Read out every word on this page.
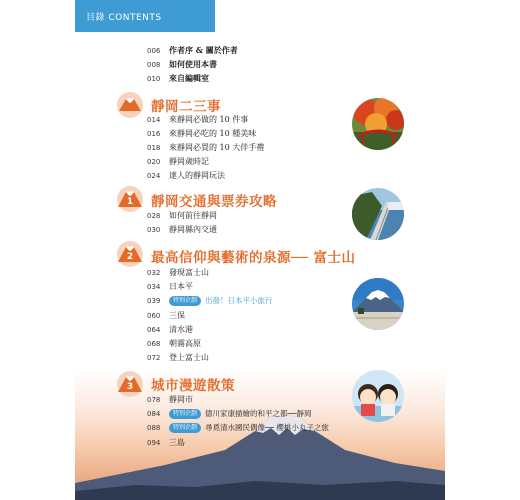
目錄 CONTENTS
006	作者序 & 關於作者
008	如何使用本書
010	來自編輯室
靜岡二三事
014	來靜岡必做的 10 件事
016	來靜岡必吃的 10 種美味
018	來靜岡必買的 10 大伴手禮
020	靜岡歲時記
024	達人的靜岡玩法
1 靜岡交通與票券攻略
028	如何前往靜岡
030	靜岡縣內交通
2 最高信仰與藝術的泉源── 富士山
032	發現富士山
034	日本平
039	特別企劃	出發！日本平小旅行
060	三保
064	清水港
068	朝霧高原
072	登上富士山
3 城市漫遊散策
078	靜岡市
084	特別企劃	德川家康描繪的和平之都──靜岡
088	特別企劃	尋覓清水國民偶像── 櫻桃小丸子之旅
094	三島
